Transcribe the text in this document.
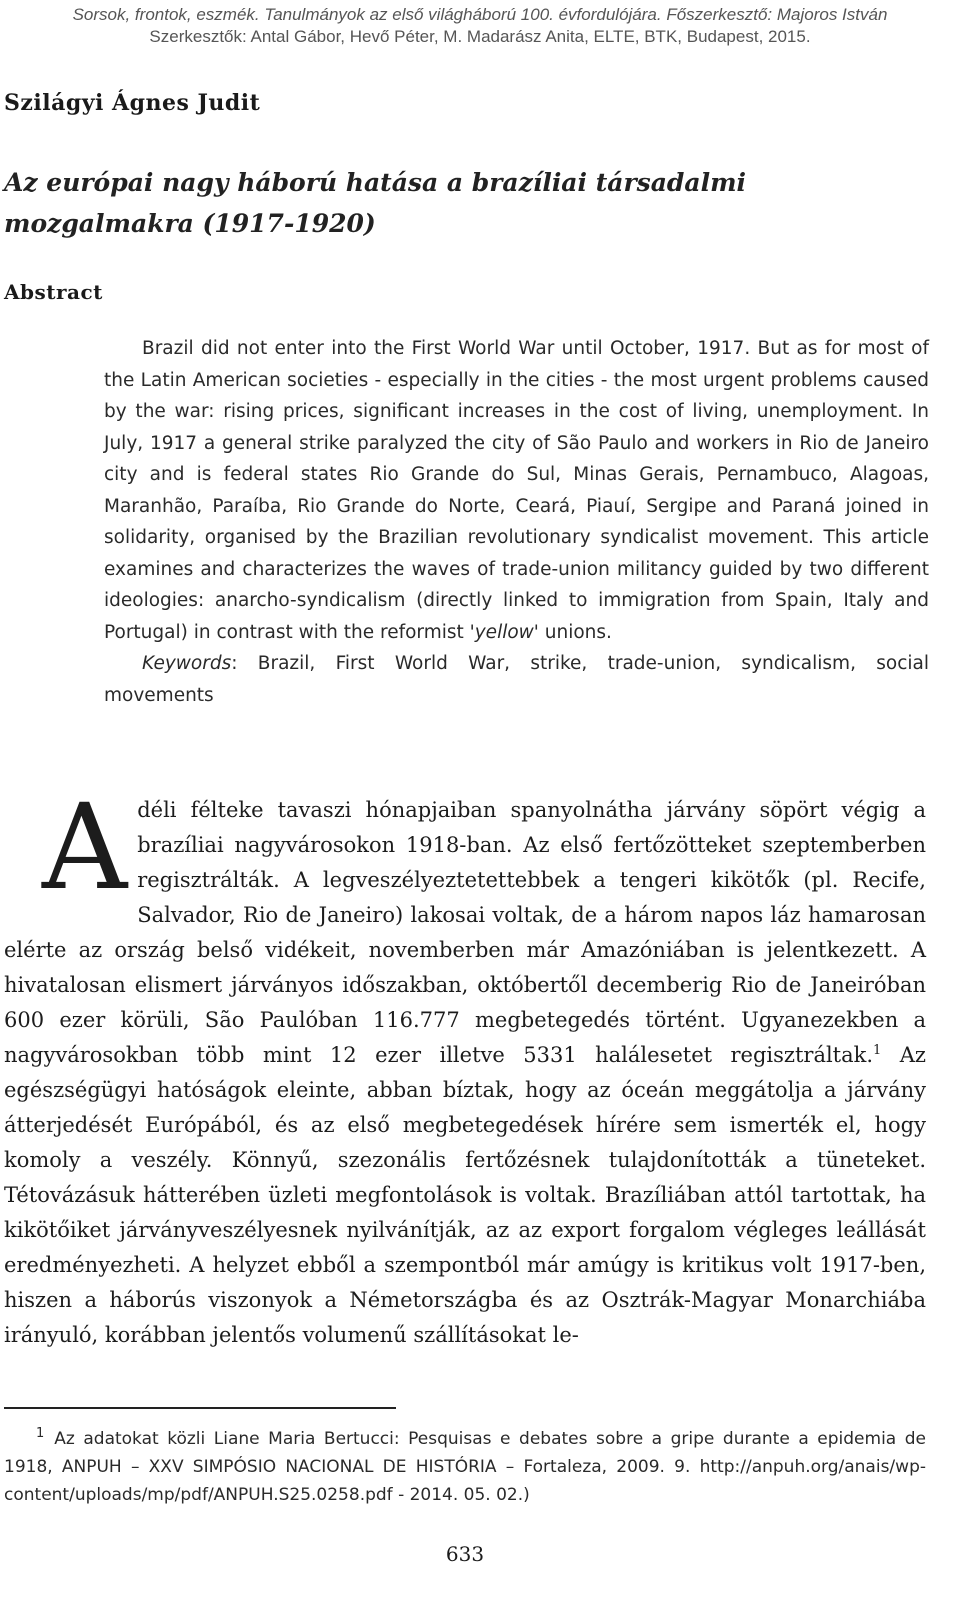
Sorsok, frontok, eszmék. Tanulmányok az első világháború 100. évfordulójára. Főszerkesztő: Majoros István
Szerkesztők: Antal Gábor, Hevő Péter, M. Madarász Anita, ELTE, BTK, Budapest, 2015.
Szilágyi Ágnes Judit
Az európai nagy háború hatása a brazíliai társadalmi mozgalmakra (1917-1920)
Abstract

Brazil did not enter into the First World War until October, 1917. But as for most of the Latin American societies - especially in the cities - the most urgent problems caused by the war: rising prices, significant increases in the cost of living, unemployment. In July, 1917 a general strike paralyzed the city of São Paulo and workers in Rio de Janeiro city and is federal states Rio Grande do Sul, Minas Gerais, Pernambuco, Alagoas, Maranhão, Paraíba, Rio Grande do Norte, Ceará, Piauí, Sergipe and Paraná joined in solidarity, organised by the Brazilian revolutionary syndicalist movement. This article examines and characterizes the waves of trade-union militancy guided by two different ideologies: anarcho-syndicalism (directly linked to immigration from Spain, Italy and Portugal) in contrast with the reformist 'yellow' unions.

Keywords: Brazil, First World War, strike, trade-union, syndicalism, social movements

Adéli félteke tavaszi hónapjaiban spanyolnátha járvány söpört végig a brazíliai nagyvárosokon 1918-ban. Az első fertőzötteket szeptemberben regisztrálták. A legveszélyeztetettebbek a tengeri kikötők (pl. Recife, Salvador, Rio de Janeiro) lakosai voltak, de a három napos láz hamarosan elérte az ország belső vidékeit, novemberben már Amazóniában is jelentkezett. A hivatalosan elismert járványos időszakban, októbertől decemberig Rio de Janeiróban 600 ezer körüli, São Paulóban 116.777 megbetegedés történt. Ugyanezekben a nagyvárosokban több mint 12 ezer illetve 5331 halálesetet regisztráltak.$^1$ Az egészségügyi hatóságok eleinte, abban bíztak, hogy az óceán meggátolja a járvány átterjedését Európából, és az első megbetegedések hírére sem ismerték el, hogy komoly a veszély. Könnyű, szezonális fertőzésnek tulajdonították a tüneteket. Tétovázásuk hátterében üzleti megfontolások is voltak. Brazíliában attól tartottak, ha kikötőiket járványveszélyesnek nyilvánítják, az az export forgalom végleges leállását eredményezheti. A helyzet ebből a szempontból már amúgy is kritikus volt 1917-ben, hiszen a háborús viszonyok a Németországba és az Osztrák-Magyar Monarchiába irányuló, korábban jelentős volumenű szállításokat le-

$^1$ Az adatokat közli Liane Maria Bertucci: Pesquisas e debates sobre a gripe durante a epidemia de 1918, ANPUH – XXV SIMPÓSIO NACIONAL DE HISTÓRIA – Fortaleza, 2009. 9. http://anpuh.org/anais/wp-content/uploads/mp/pdf/ANPUH.S25.0258.pdf - 2014. 05. 02.)

633
